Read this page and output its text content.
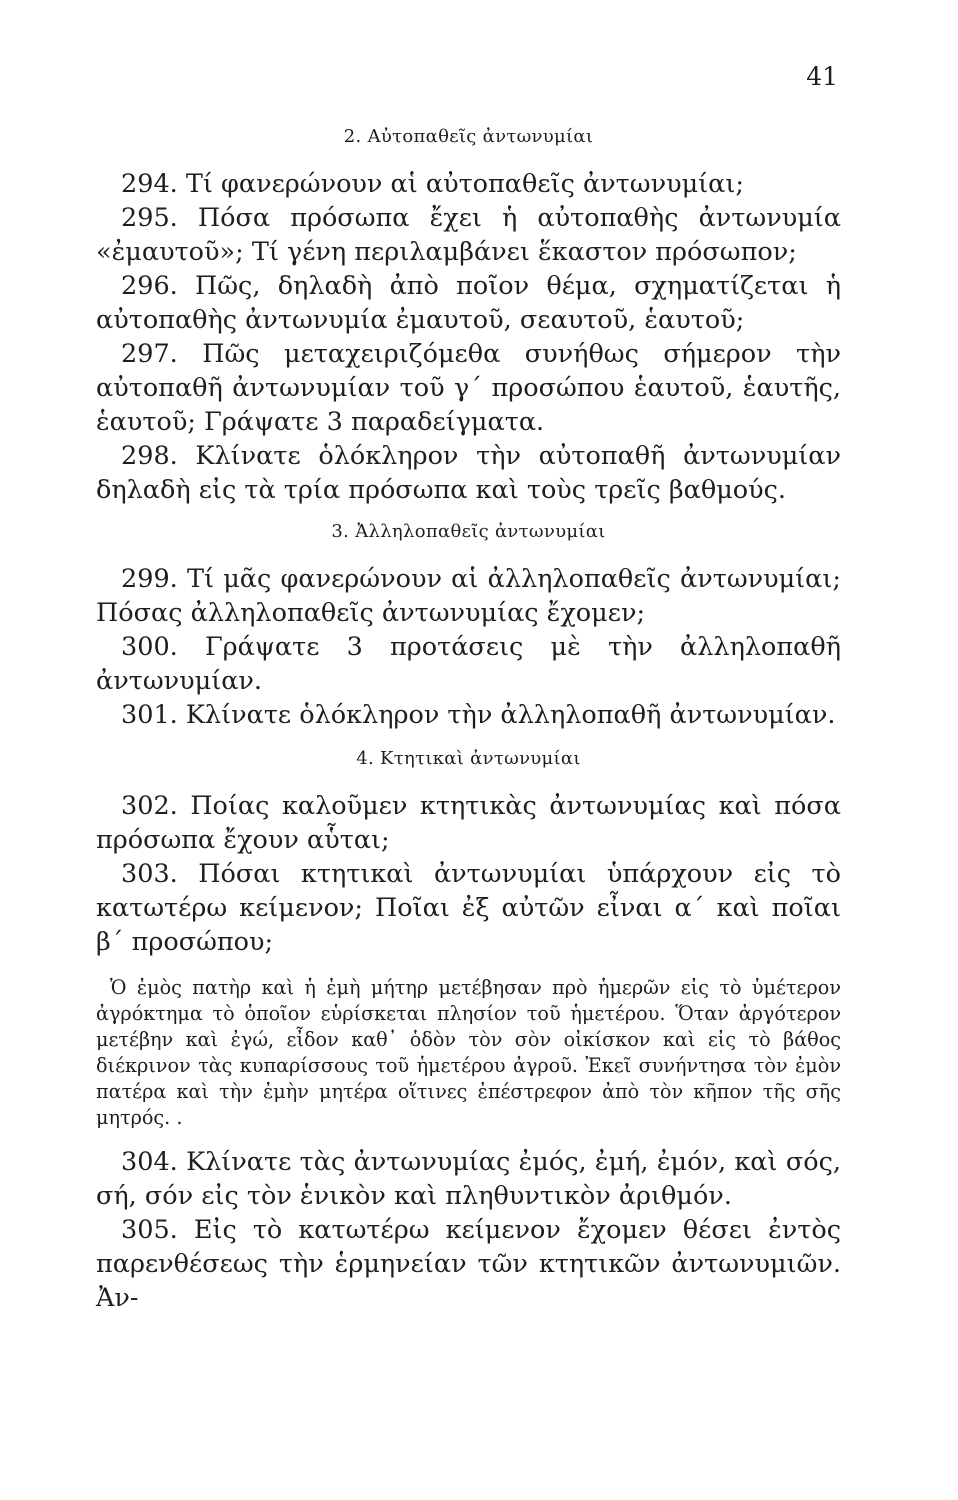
41
2. Αὐτοπαθεῖς ἀντωνυμίαι

294. Τί φανερώνουν αἱ αὐτοπαθεῖς ἀντωνυμίαι;

295. Πόσα πρόσωπα ἔχει ἡ αὐτοπαθὴς ἀντωνυμία «ἐμαυτοῦ»; Τί γένη περιλαμβάνει ἕκαστον πρόσωπον;

296. Πῶς, δηλαδὴ ἀπὸ ποῖον θέμα, σχηματίζεται ἡ αὐτοπαθὴς ἀντωνυμία ἐμαυτοῦ, σεαυτοῦ, ἑαυτοῦ;

297. Πῶς μεταχειριζόμεθα συνήθως σήμερον τὴν αὐτοπαθῆ ἀντωνυμίαν τοῦ γ΄ προσώπου ἑαυτοῦ, ἑαυτῆς, ἑαυτοῦ; Γράψατε 3 παραδείγματα.

298. Κλίνατε ὁλόκληρον τὴν αὐτοπαθῆ ἀντωνυμίαν δηλαδὴ εἰς τὰ τρία πρόσωπα καὶ τοὺς τρεῖς βαθμούς.

3. Ἀλληλοπαθεῖς ἀντωνυμίαι

299. Τί μᾶς φανερώνουν αἱ ἀλληλοπαθεῖς ἀντωνυμίαι; Πόσας ἀλληλοπαθεῖς ἀντωνυμίας ἔχομεν;

300. Γράψατε 3 προτάσεις μὲ τὴν ἀλληλοπαθῆ ἀντωνυμίαν.

301. Κλίνατε ὁλόκληρον τὴν ἀλληλοπαθῆ ἀντωνυμίαν.

4. Κτητικαὶ ἀντωνυμίαι

302. Ποίας καλοῦμεν κτητικὰς ἀντωνυμίας καὶ πόσα πρόσωπα ἔχουν αὗται;

303. Πόσαι κτητικαὶ ἀντωνυμίαι ὑπάρχουν εἰς τὸ κατωτέρω κείμενον; Ποῖαι ἐξ αὐτῶν εἶναι α΄ καὶ ποῖαι β΄ προσώπου;

Ὁ ἐμὸς πατὴρ καὶ ἡ ἐμὴ μήτηρ μετέβησαν πρὸ ἡμερῶν εἰς τὸ ὑμέτερον ἀγρόκτημα τὸ ὁποῖον εὑρίσκεται πλησίον τοῦ ἡμετέρου. Ὅταν ἀργότερον μετέβην καὶ ἐγώ, εἶδον καθ᾽ ὁδὸν τὸν σὸν οἰκίσκον καὶ εἰς τὸ βάθος διέκρινον τὰς κυπαρίσσους τοῦ ἡμετέρου ἀγροῦ. Ἐκεῖ συνήντησα τὸν ἐμὸν πατέρα καὶ τὴν ἐμὴν μητέρα οἵτινες ἐπέστρεφον ἀπὸ τὸν κῆπον τῆς σῆς μητρός. .

304. Κλίνατε τὰς ἀντωνυμίας ἐμός, ἐμή, ἐμόν, καὶ σός, σή, σόν εἰς τὸν ἑνικὸν καὶ πληθυντικὸν ἀριθμόν.

305. Εἰς τὸ κατωτέρω κείμενον ἔχομεν θέσει ἐντὸς παρενθέσεως τὴν ἑρμηνείαν τῶν κτητικῶν ἀντωνυμιῶν. Ἀν-
